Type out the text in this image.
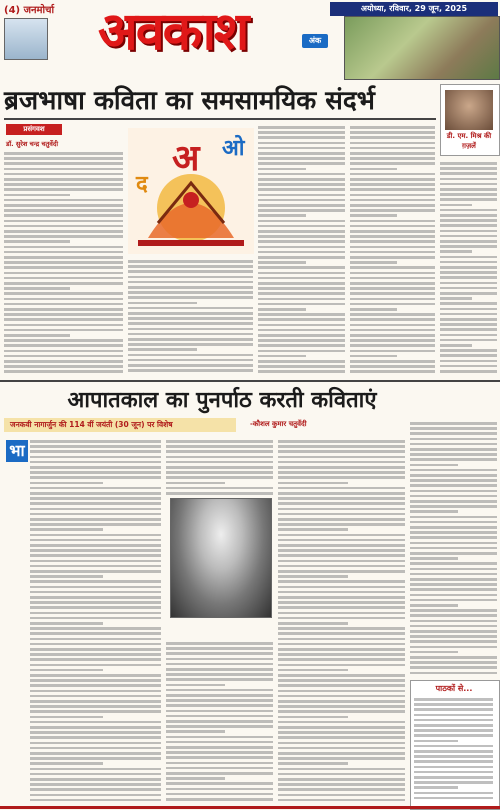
(4) जनमोर्चा अवकाश	अंक
अयोध्या, रविवार, 29 जून, 2025
ब्रजभाषा कविता का समसामयिक संदर्भ
डी. एम. मिश्र की ग़ज़लें
प्रसंगवश
डॉ. सुरेश चन्द्र चतुर्वेदी	अ ओ
द
आपातकाल का पुनर्पाठ करती कविताएं
जनकवी नागार्जुन की 114 वीं जयंती (30 जून) पर विशेष	-कौशल कुमार चतुर्वेदी
भा
पाठकों से...
